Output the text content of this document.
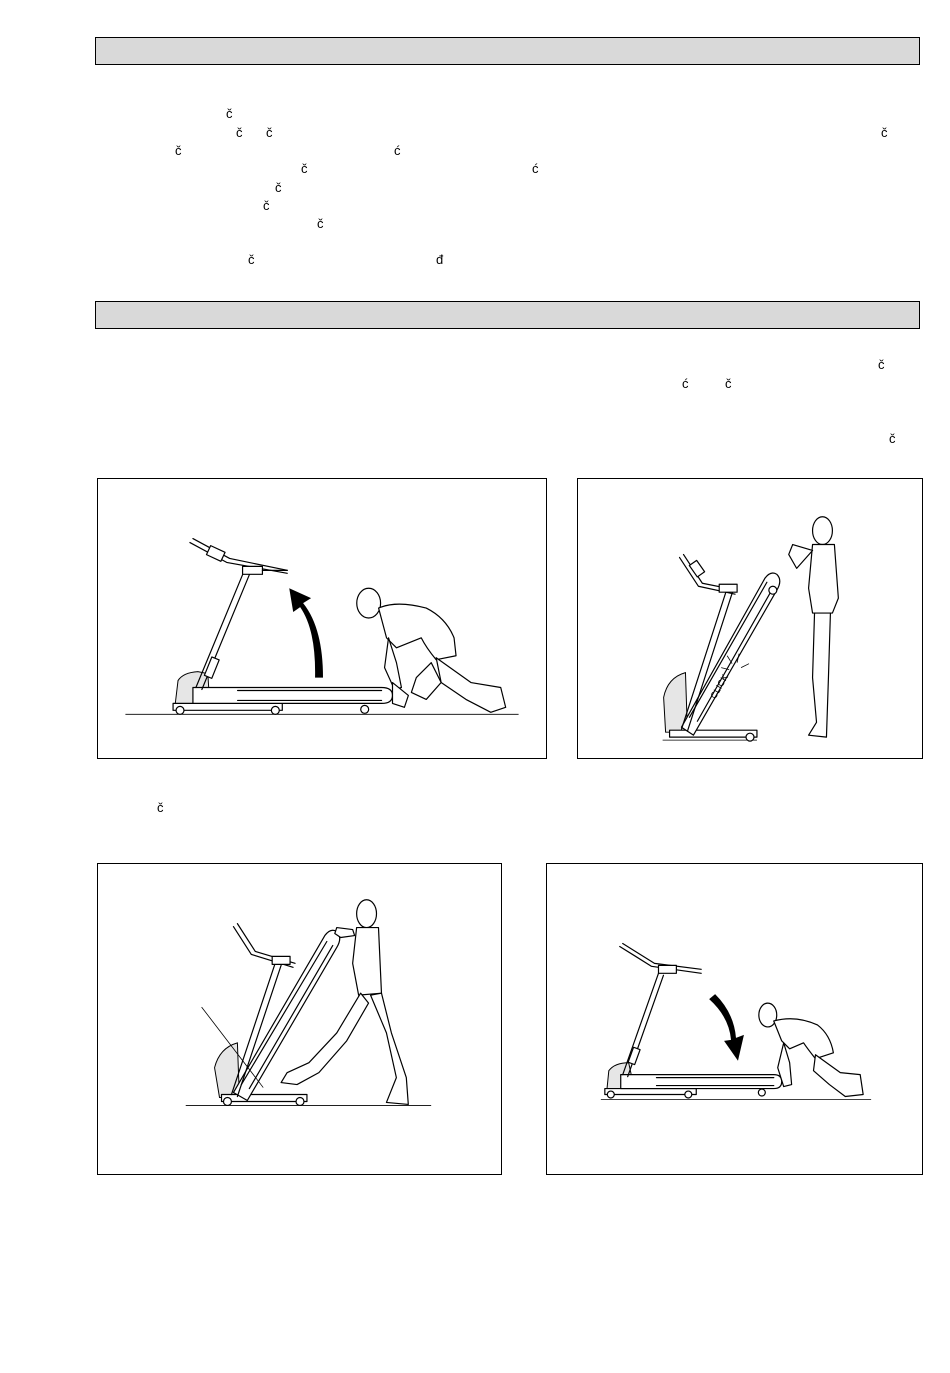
č
č č	č
č
č
ć
ć
č
č
č
č	đ
č
ć	č
č
CLICK
č
